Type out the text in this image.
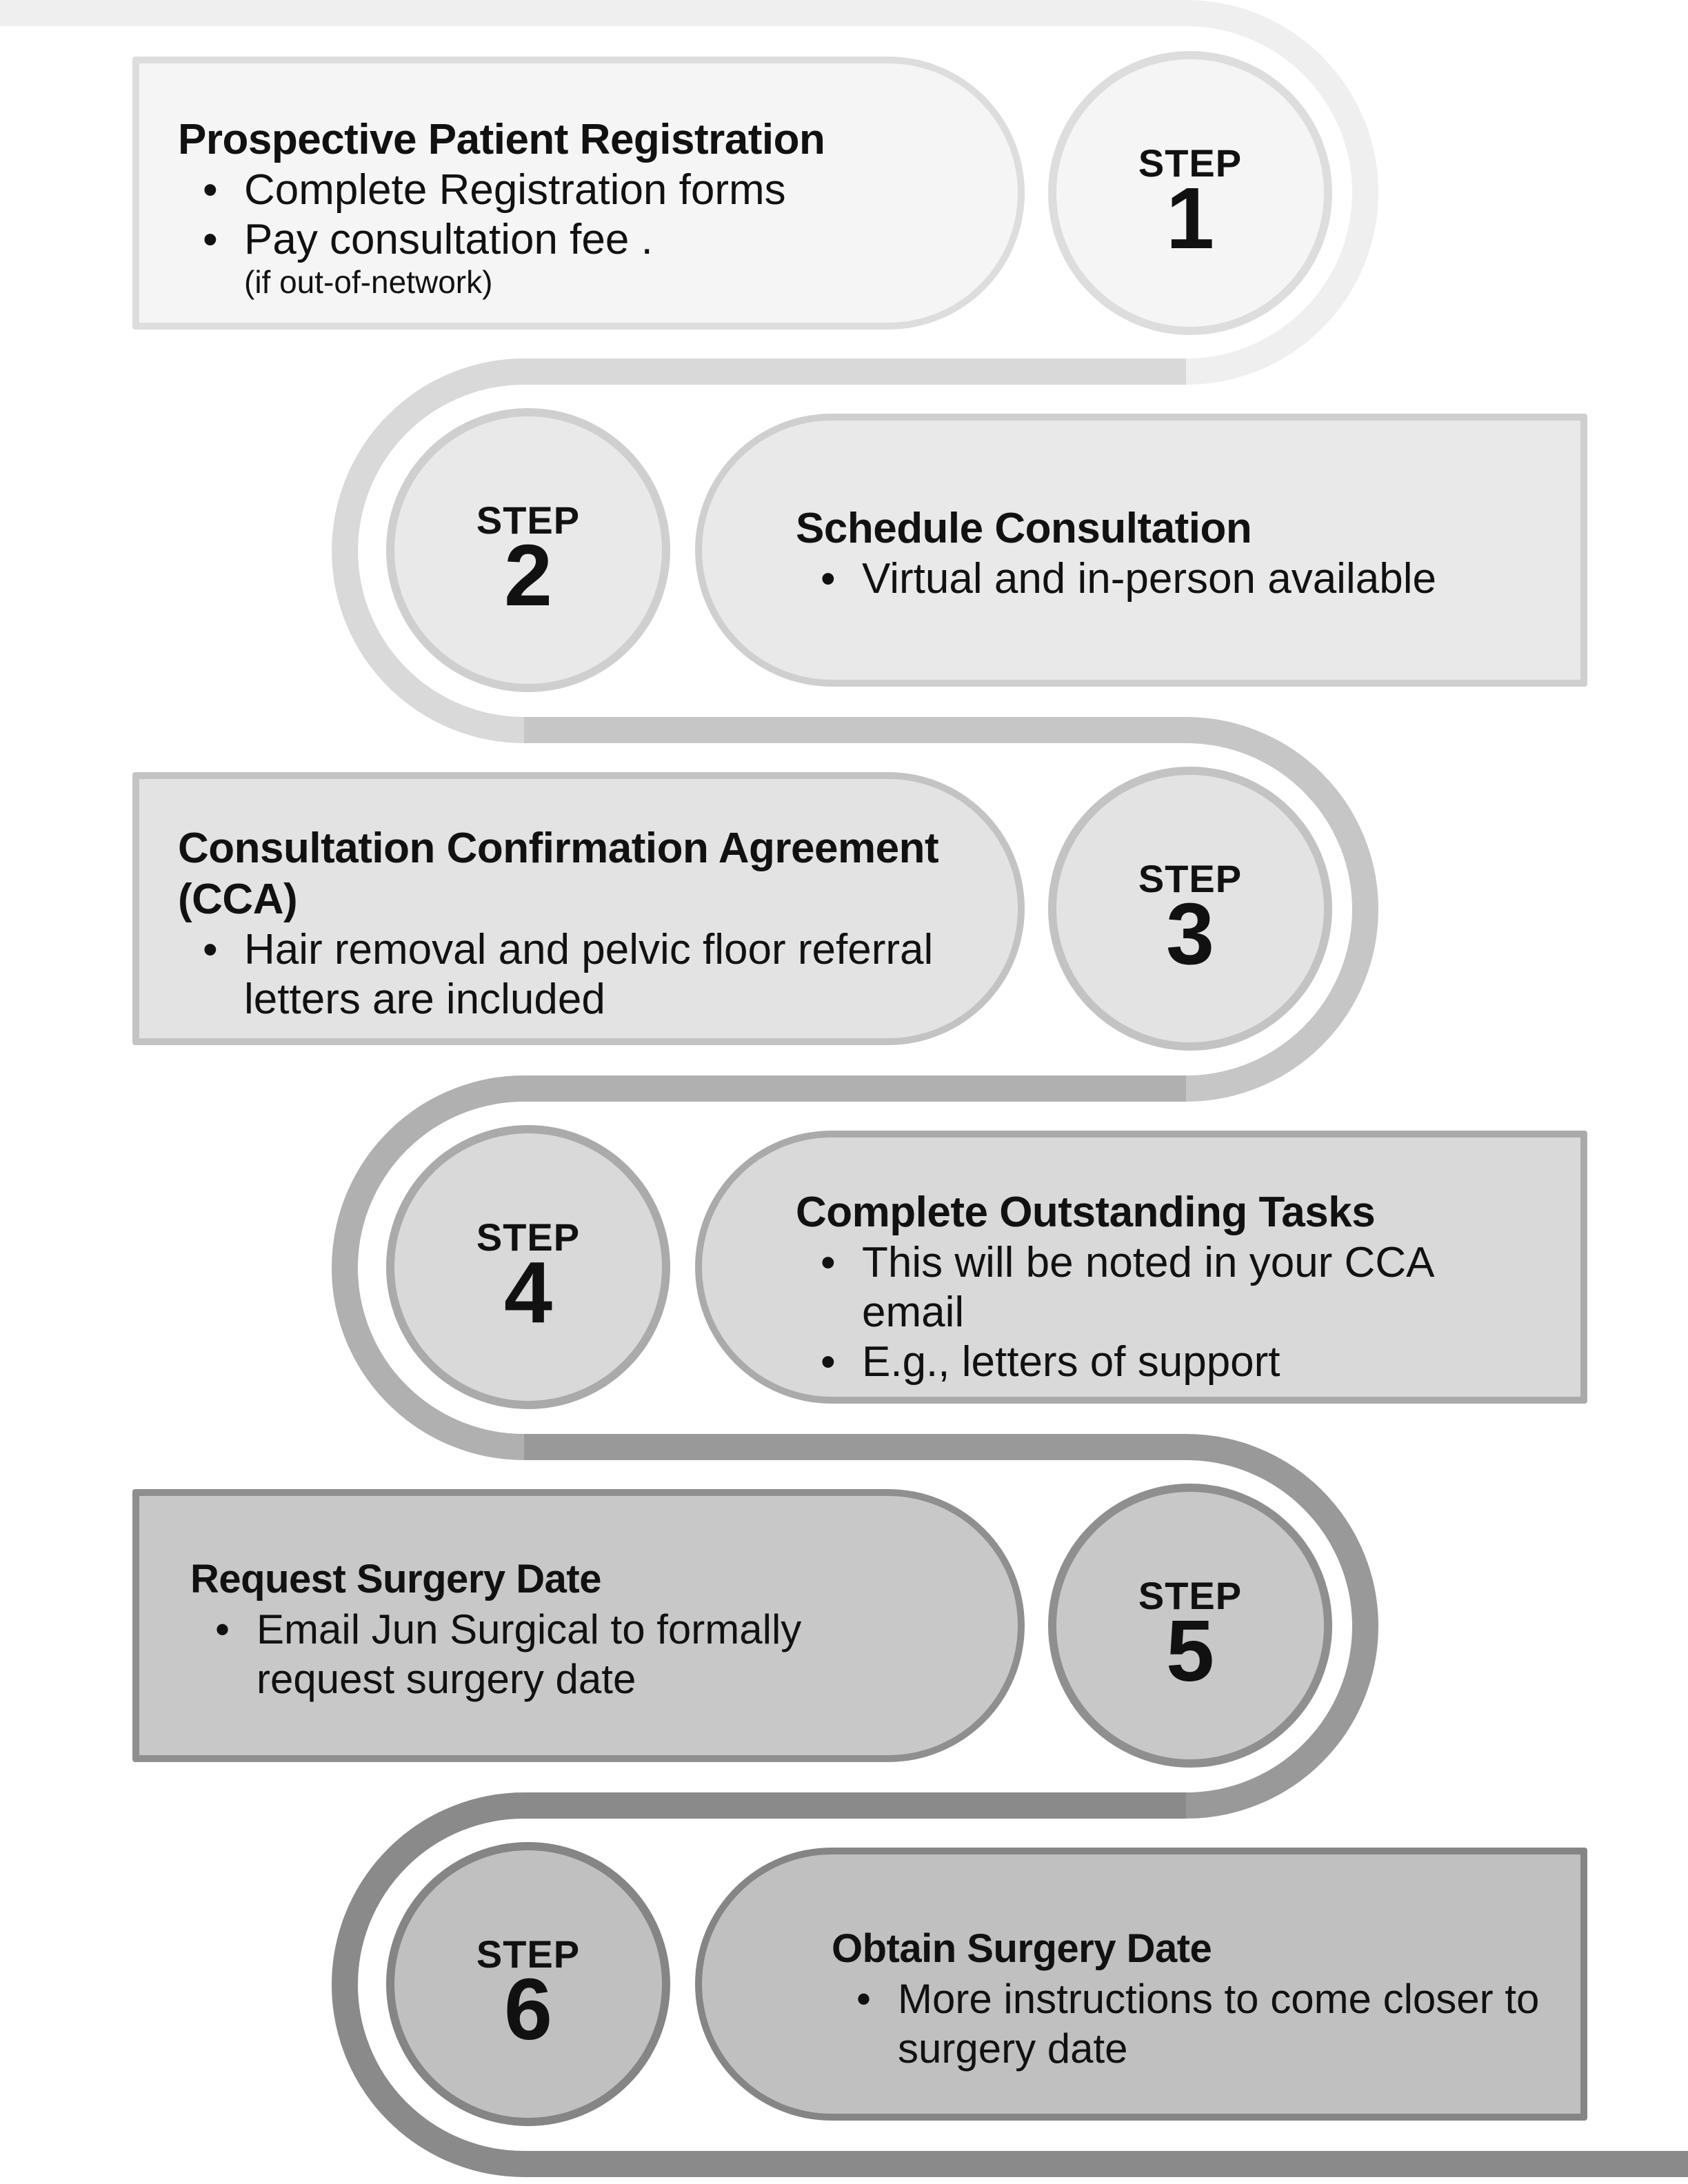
Prospective Patient Registration
• Complete Registration forms
• Pay consultation fee .
(if out-of-network)
STEP
1
STEP
2	Schedule Consultation
• Virtual and in-person available
Consultation Confirmation Agreement
(CCA)
• Hair removal and pelvic floor referral
letters are included
STEP
3
STEP
4
Complete Outstanding Tasks
• This will be noted in your CCA
email
• E.g., letters of support
Request Surgery Date
• Email Jun Surgical to formally
request surgery date
STEP
5
STEP
6
Obtain Surgery Date
• More instructions to come closer to
surgery date
